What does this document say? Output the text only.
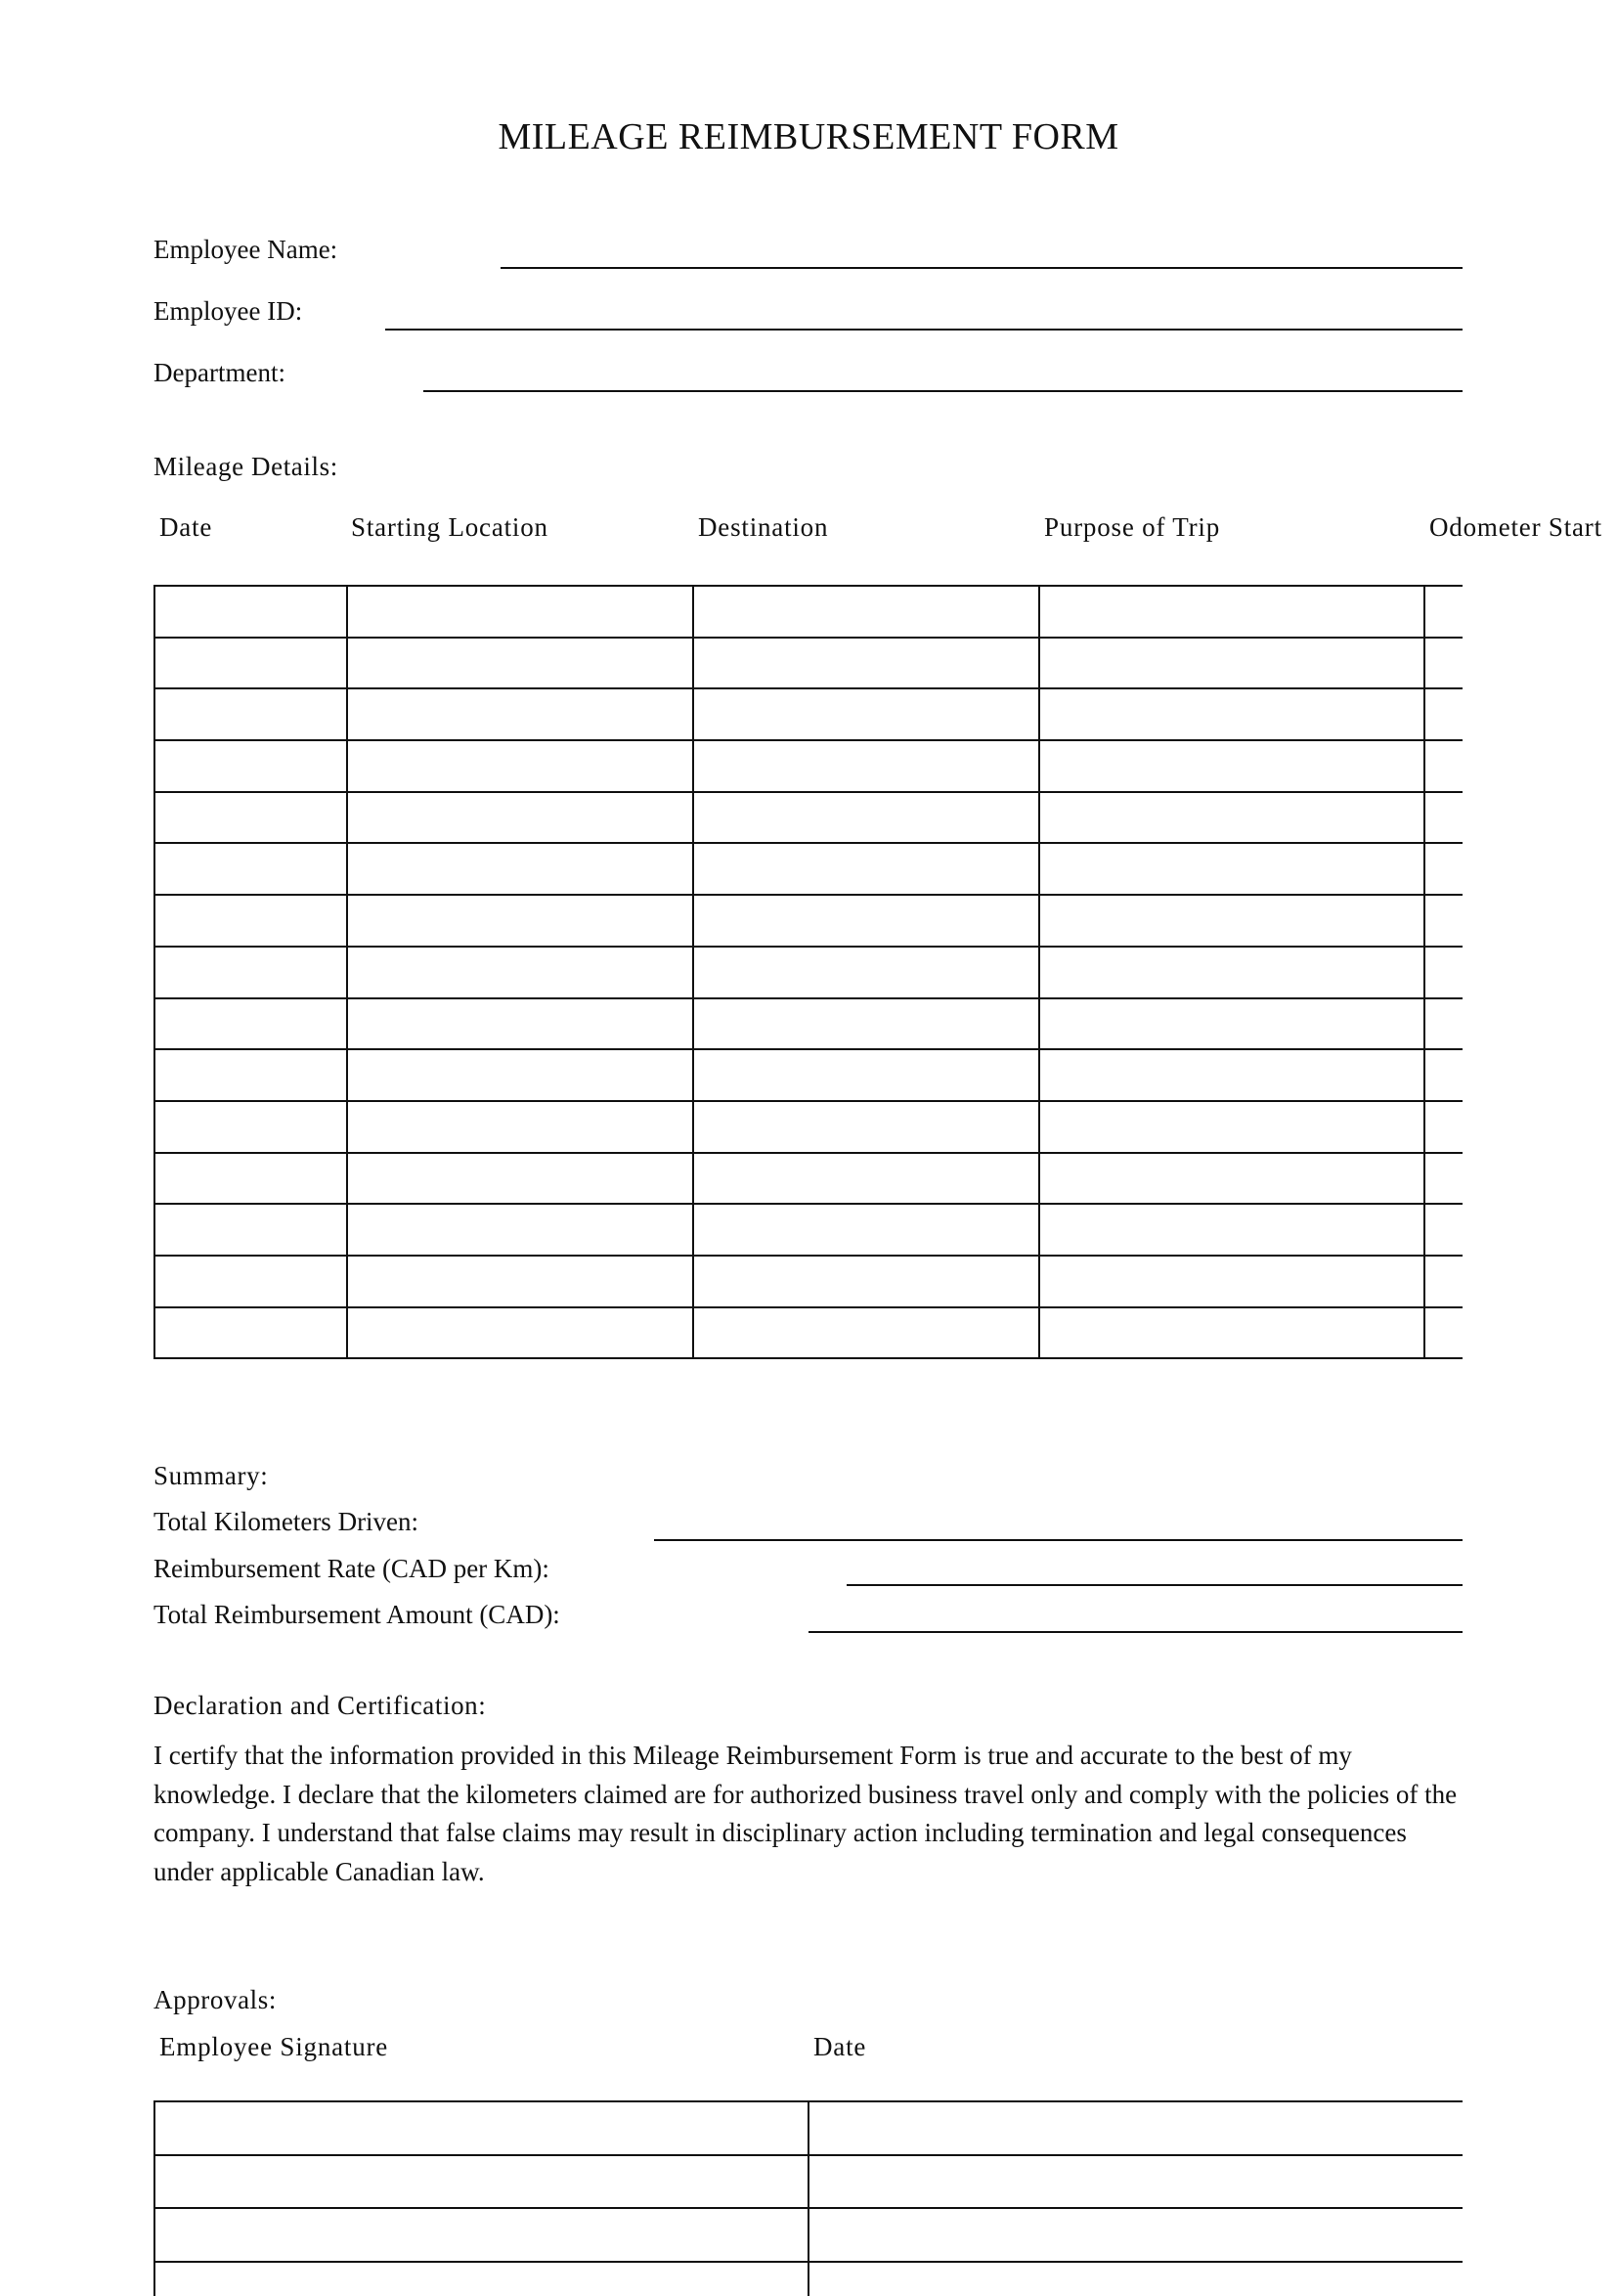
MILEAGE REIMBURSEMENT FORM
Employee Name:
Employee ID:
Department:
Mileage Details:
Date	Starting Location	Destination	Purpose of Trip	Odometer Start

Summary:
Total Kilometers Driven:
Reimbursement Rate (CAD per Km):
Total Reimbursement Amount (CAD):
Declaration and Certification:
I certify that the information provided in this Mileage Reimbursement Form is true and accurate to the best of my knowledge. I declare that the kilometers claimed are for authorized business travel only and comply with the policies of the company. I understand that false claims may result in disciplinary action including termination and legal consequences under applicable Canadian law.
Approvals:
Employee Signature	Date
